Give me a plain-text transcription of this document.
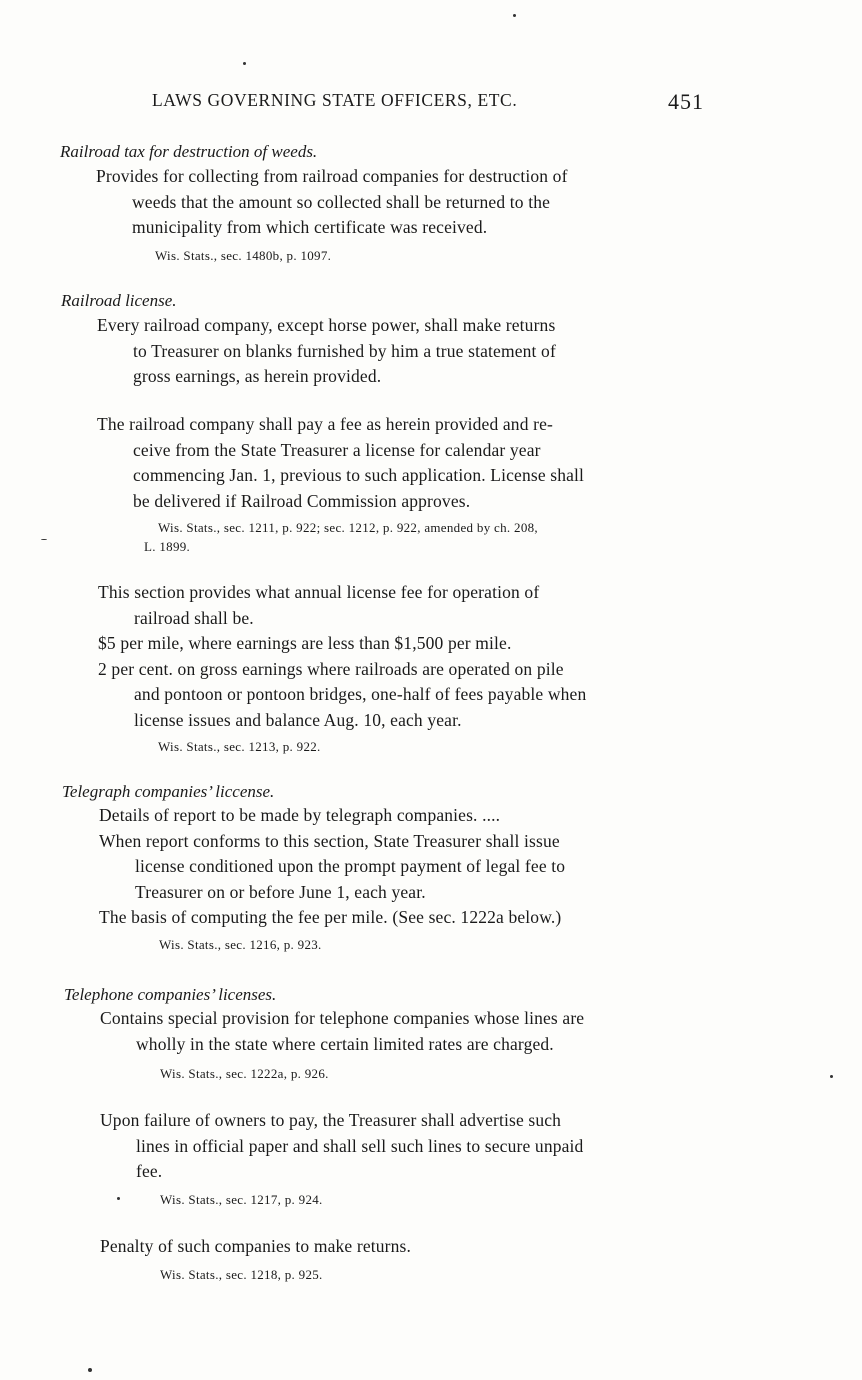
LAWS GOVERNING STATE OFFICERS, ETC.	451
Railroad tax for destruction of weeds.
Provides for collecting from railroad companies for destruction of
weeds that the amount so collected shall be returned to the
municipality from which certificate was received.
Wis. Stats., sec. 1480b, p. 1097.
Railroad license.
Every railroad company, except horse power, shall make returns
to Treasurer on blanks furnished by him a true statement of
gross earnings, as herein provided.
The railroad company shall pay a fee as herein provided and re-
ceive from the State Treasurer a license for calendar year
commencing Jan. 1, previous to such application. License shall
be delivered if Railroad Commission approves.
Wis. Stats., sec. 1211, p. 922; sec. 1212, p. 922, amended by ch. 208,
L. 1899.
This section provides what annual license fee for operation of
railroad shall be.
$5 per mile, where earnings are less than $1,500 per mile.
2 per cent. on gross earnings where railroads are operated on pile
and pontoon or pontoon bridges, one-half of fees payable when
license issues and balance Aug. 10, each year.
Wis. Stats., sec. 1213, p. 922.
Telegraph companies’ liccense.
Details of report to be made by telegraph companies. ....
When report conforms to this section, State Treasurer shall issue
license conditioned upon the prompt payment of legal fee to
Treasurer on or before June 1, each year.
The basis of computing the fee per mile. (See sec. 1222a below.)
Wis. Stats., sec. 1216, p. 923.
Telephone companies’ licenses.
Contains special provision for telephone companies whose lines are
wholly in the state where certain limited rates are charged.
Wis. Stats., sec. 1222a, p. 926.
Upon failure of owners to pay, the Treasurer shall advertise such
lines in official paper and shall sell such lines to secure unpaid
fee.
Wis. Stats., sec. 1217, p. 924.
Penalty of such companies to make returns.
Wis. Stats., sec. 1218, p. 925.
